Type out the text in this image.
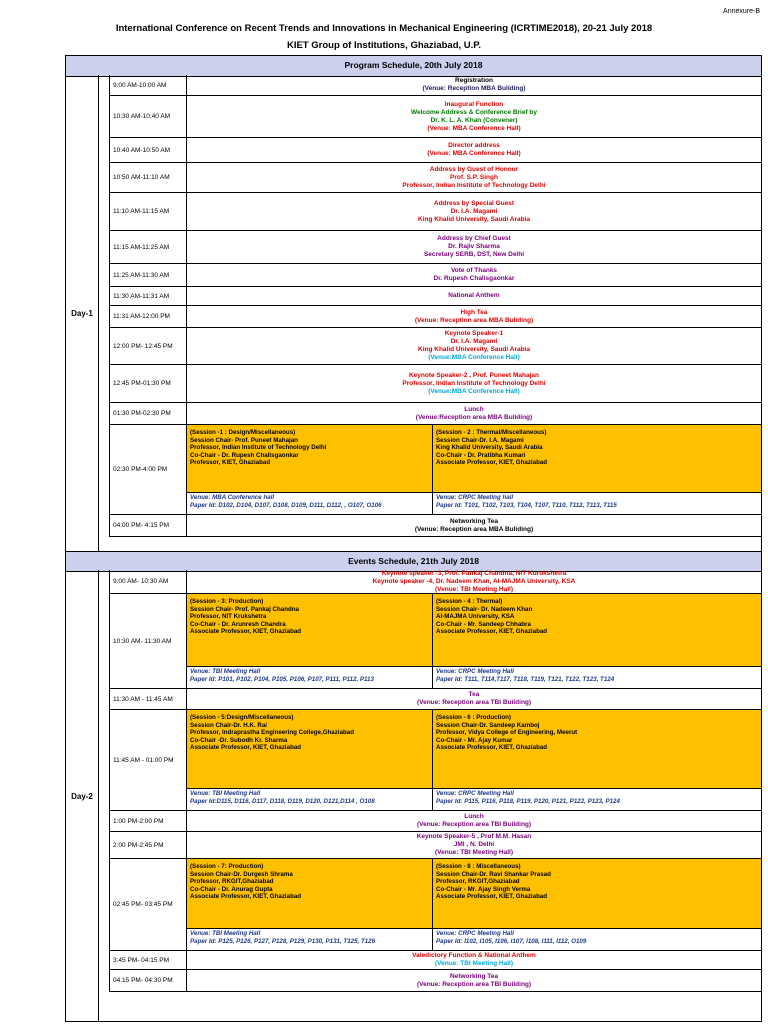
Annexure-B
International Conference on Recent Trends and Innovations in Mechanical Engineering (ICRTIME2018), 20-21 July 2018
KIET Group of Institutions, Ghaziabad, U.P.
Program Schedule, 20th July 2018
Events Schedule, 21th July 2018
Day-1
Day-2
9:00 AM-10:00 AM
Registration
(Venue: Reception MBA Buliding)
10:30 AM-10:40 AM
Inaugural Function
Welcome Address & Conference Brief by
Dr. K. L. A. Khan (Convener)
(Venue: MBA Conference Hall)
10:40 AM-10:50 AM
Director address
(Venue: MBA Conference Hall)
10:50 AM-11:10 AM
Address by Guest of Honour
Prof. S.P. Singh
Professor, Indian Institute of Technology Delhi
11:10 AM-11:15 AM
Address by Special Guest
Dr. I.A. Magami
King Khalid University, Saudi Arabia
11:15 AM-11:25 AM
Address by Chief Guest
Dr. Rajiv Sharma
Secretary SERB, DST, New Delhi
11:25 AM-11:30 AM
Vote of Thanks
Dr. Rupesh Chalisgaonkar
11:30 AM-11:31 AM	National Anthem
11:31 AM-12:00 PM
High Tea
(Venue: Reception area MBA Buliding)
12:00 PM- 12:45 PM
Keynote Speaker-1
Dr. I.A. Magami
King Khalid University, Saudi Arabia
(Venue:MBA Conference Hall)
12:45 PM-01:30 PM
Keynote Speaker-2 , Prof. Puneet Mahajan
Professor, Indian Institute of Technology Delhi
(Venue:MBA Conference Hall)
01:30 PM-02:30 PM
Lunch
(Venue:Reception area MBA Buliding)
02:30 PM-4:00 PM
(Session -1 : Design/Miscellaneous)
Session Chair- Prof. Puneet Mahajan
Professor, Indian Institute of Technology Delhi
Co-Chair - Dr. Rupesh Chalisgaonkar
Professor, KIET, Ghaziabad
Venue: MBA Conference hall
Paper Id: D102, D104, D107, D108, D109, D111, D112, , O107, O106
(Session - 2 : Thermal/Miscellaneous)
Session Chair-Dr. I.A. Magami
King Khalid University, Saudi Arabia
Co-Chair - Dr. Pratibha Kumari
Associate Professor, KIET, Ghaziabad
Venue: CRPC Meeting hall
Paper Id: T101, T102, T103, T104, T107, T110, T112, T113, T115
04:00 PM- 4:15 PM
Networking Tea
(Venue: Reception area MBA Buliding)
9:00 AM- 10:30 AM
Keynote speaker -3, Prof. Pankaj Chandna, NIT Kurukshetra
Keynote speaker -4, Dr. Nadeem Khan, Al-MAJMA University, KSA
(Venue: TBI Meeting Hall)
10:30 AM- 11:30 AM
(Session - 3: Production)
Session Chair- Prof. Pankaj Chandna
Professor, NIT Krukshetra
Co-Chair - Dr. Arunresh Chandra
Associate Professor, KIET, Ghaziabad
Venue: TBI Meeting Hall
Paper Id: P101, P102, P104, P105, P106, P107, P111, P112, P113
(Session - 4 : Thermal)
Session Chair- Dr. Nadeem Khan
Al-MAJMA University, KSA
Co-Chair - Mr. Sandeep Chhabra
Associate Professor, KIET, Ghaziabad
Venue: CRPC Meeting Hall
Paper Id: T111, T114,T117, T118, T119, T121, T122, T123, T124
11:30 AM - 11:45 AM
Tea
(Venue: Reception area TBI Building)
11:45 AM - 01:00 PM
(Session - 5:Design/Miscellaneous)
Session Chair-Dr. H.K. Rai
Professor, Indraprastha Engineering College,Ghaziabad
Co-Chair -Dr. Subodh Kr. Sharma
Associate Professor, KIET, Ghaziabad
Venue: TBI Meeting Hall
Paper Id:D115, D116, D117, D118, D119, D120, D121,D114 , O108
(Session - 6 : Production)
Session Chair-Dr. Sandeep Kamboj
Professor, Vidya College of Engineering, Meerut
Co-Chair - Mr. Ajay Kumar
Associate Professor, KIET, Ghaziabad
Venue: CRPC Meeting Hall
Paper Id: P115, P116, P118, P119, P120, P121, P122, P123, P124
1:00 PM-2:00 PM
Lunch
(Venue: Reception area TBI Building)
2:00 PM-2:45 PM
Keynote Speaker-5 , Prof M.M. Hasan
JMI , N. Delhi
(Venue: TBI Meeting Hall)
02:45 PM- 03:45 PM
(Session - 7: Production)
Session Chair-Dr. Durgesh Shrama
Professor, RKGIT,Ghaziabad
Co-Chair - Dr. Anurag Gupta
Associate Professor, KIET, Ghaziabad
Venue: TBI Meeting Hall
Paper Id: P125, P126, P127, P128, P129, P130, P131, T125, T126
(Session - 8 : Miscellaneous)
Session Chair-Dr. Ravi Shankar Prasad
Professor, RKGIT,Ghaziabad
Co-Chair - Mr. Ajay Singh Verma
Associate Professor, KIET, Ghaziabad
Venue: CRPC Meeting Hall
Paper Id: I102, I105, I106, I107, I108, I111, I112, O109
3:45 PM- 04:15 PM
Valedictory Function & National Anthem
(Venue: TBI Meeting Hall)
04:15 PM- 04:30 PM
Networking Tea
(Venue: Reception area TBI Building)
